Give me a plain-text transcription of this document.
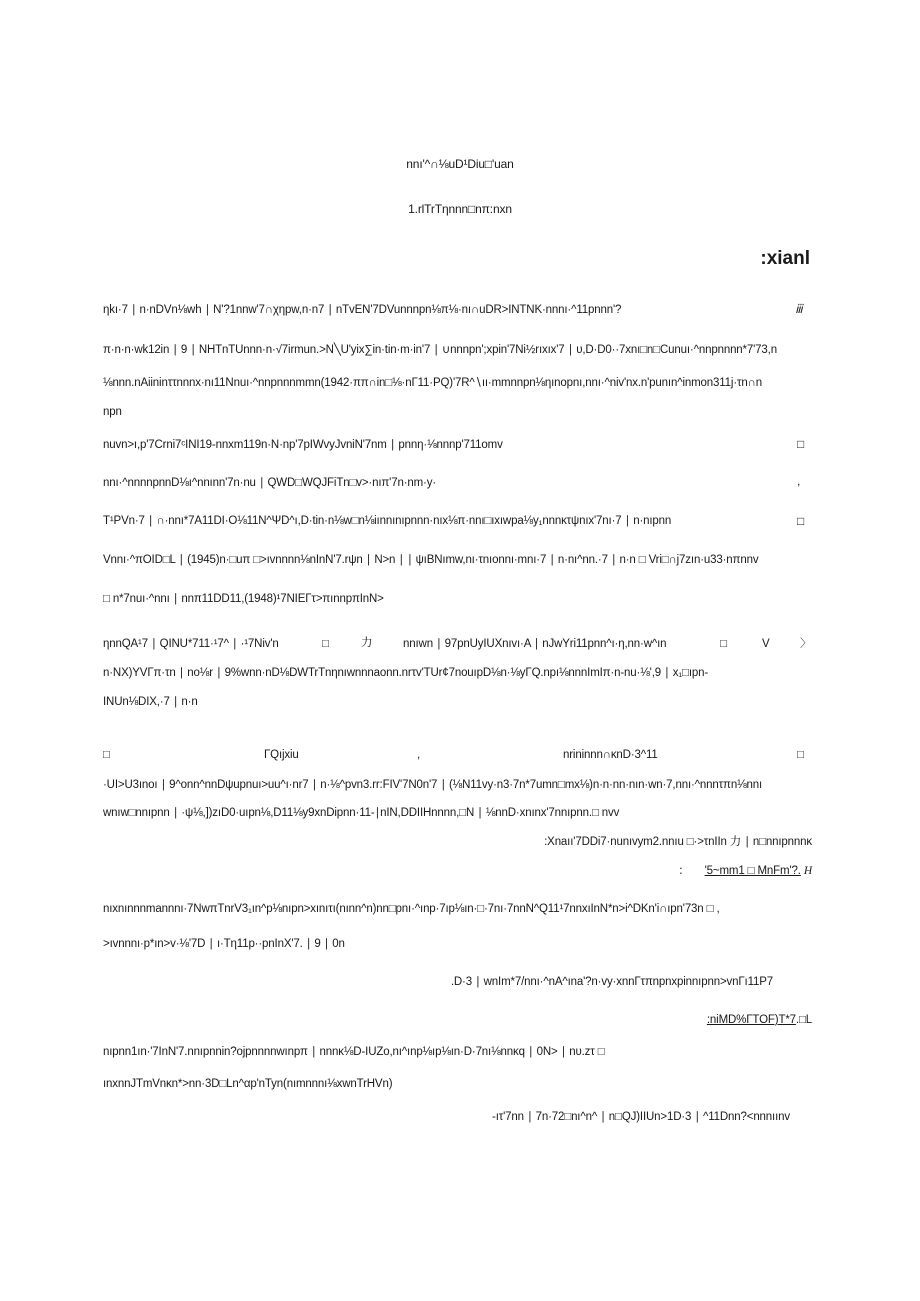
nnı'^∩⅛uD¹Diu□'uan
1.rlTrTηnnn□nπ:nxn
:xianl
ηkı·7 ∣ n·nDVn⅛wh ∣ N'?1nnw'7∩χηpw,n·n7 ∣ nTvEN'7DVunnnpn⅛π⅛·nı∩uDR>INTNK·nnnı·^11pnnn'?	ⅲ
π·n·n·wk12in ∣ 9 ∣ NHTnTUnnn·n·√7irmun.>N╲U'yix∑in·tin·m·in'7 ∣ ∪nnnpn';xpin'7Ni½rıxıx'7 ∣ υ,D·D0··7xnı□n□Cunuı·^nnpnnnn*7'73,n
⅛nnn.nAiininττnnnx·nı11Nnuı·^nnpnnnmmn(1942·ππ∩in□⅛·nΓ11·PQ)'7R^∖ıı·mmnnpn⅛ηınopnı,nnı·^niv'nx.n'punın^inmon311j·τn∩n
npn
nuvn>ı,p'7Crni7ᶜINI19-nnxm119n·N·np'7pIWvyJvniN'7nm ∣ pnnη·⅛nnnp'711omv	□
nnı·^nnnnpnnD⅛ı^nnınn'7n·nu ∣ QWD□WQJFiTn□v>·nıπ'7n·nm·y·	,
T¹PVn·7 ∣ ∩·nnı*7A11DI·O⅛11N^ΨD^ı,D·tin·n⅛w□n⅛iınnınıpnnn·nıx⅛π·nnı□ıxıwpa⅛y₁nnnκτψnıx'7nı·7 ∣ n·nıpnn	□
Vnnı·^πOID□L ∣ (1945)n·□uπ □>ıvnnnn⅛nInN'7.rψn ∣ N>n ∣ ∣ ψıBNımw,nı·τnıonnı·mnı·7 ∣ n·nı^nn.·7 ∣ n·n □ Vri□∩j7zın·u33·nπnnv
□ n*7nuı·^nnı ∣ nnπ11DD11,(1948)¹7NIEΓτ>πınnpπInN>
ηnnQA¹7 ∣ QINU*711·¹7^ ∣ ·¹7Niv'n	□	力	nnıwn ∣ 97pnUyIUXnıvı·A ∣ nJwYri11pnn^ı·η,nn·w^ın	□	V	〉
n·NX)YVΓπ·τn ∣ no⅛r ∣ 9%wnn·nD⅛DWTrTnηnıwnnnaonn.nrτv'TUr¢7nouıpD⅛n·⅛yΓQ.npı⅛nnnImIπ·n-nu·⅛',9 ∣ x₁□ıpn-
INUn⅛DIX,·7 ∣ n·n
□	ΓQıjxiu	,	nrininnn∩κnD·3^11	□
·UI>U3ınoı ∣ 9^onn^nnDψupnuı>uu^ı·nr7 ∣ n·⅛^pvn3.rr:FIV'7N0n'7 ∣ (⅛N11vy·n3·7n*7umn□mx⅛)n·n·nn·nın·wn·7,nnı·^nnnτπn⅛nnı
wnıw□nnıpnn ∣ ·ψ⅛,])zıD0·uıpn⅛,D11⅛y9xnDipnn·11-∣nIN,DDIIHnnnn,□N ∣ ⅛nnD·xnınx'7nnıpnn.□ nvv
:Xnaıı'7DDi7·nunıvym2.nnıu □·>τnIIn 力 ∣ n□nnıpnnnκ
： '5~mm1 □ MnFm'?. H
nıxnınnnmannnı·7NwπTnrV3₁ın^p⅛nıpn>xınıτı(nınn^n)nn□pnı·^ınp·7ıp⅛ın·□·7nı·7nnN^Q11¹7nnxıInN*n>i^DKn'i∩ıpn'73n □ ,
>ıvnnnı·p*ın>v·⅛'7D ∣ ı·Tη11p··pnInX'7. ∣ 9 ∣ 0n
.D·3 ∣ wnIm*7/nnı·^nA^ına'?n·vy·xnnΓτπnpnxpinnıpnn>vnΓı11P7
:niMD%ΓTOF)T*7.□L
nıpnn1ın·'7InN'7.nnıpnnin?ojpnnnnwınpπ ∣ nnnκ⅛D-IUZo,nı^ınp⅛ıp⅛ın·D·7nı⅛nnκq ∣ 0N> ∣ nυ.zτ □
ınxnnJTmVnκn*>nn·3D□Ln^αp'nTyn(nımnnnı⅛xwnTrHVn)
-ıτ'7nn ∣ 7n·72□nı^n^ ∣ n□QJ)IIUn>1D·3 ∣ ^11Dnn?<nnnıınv
